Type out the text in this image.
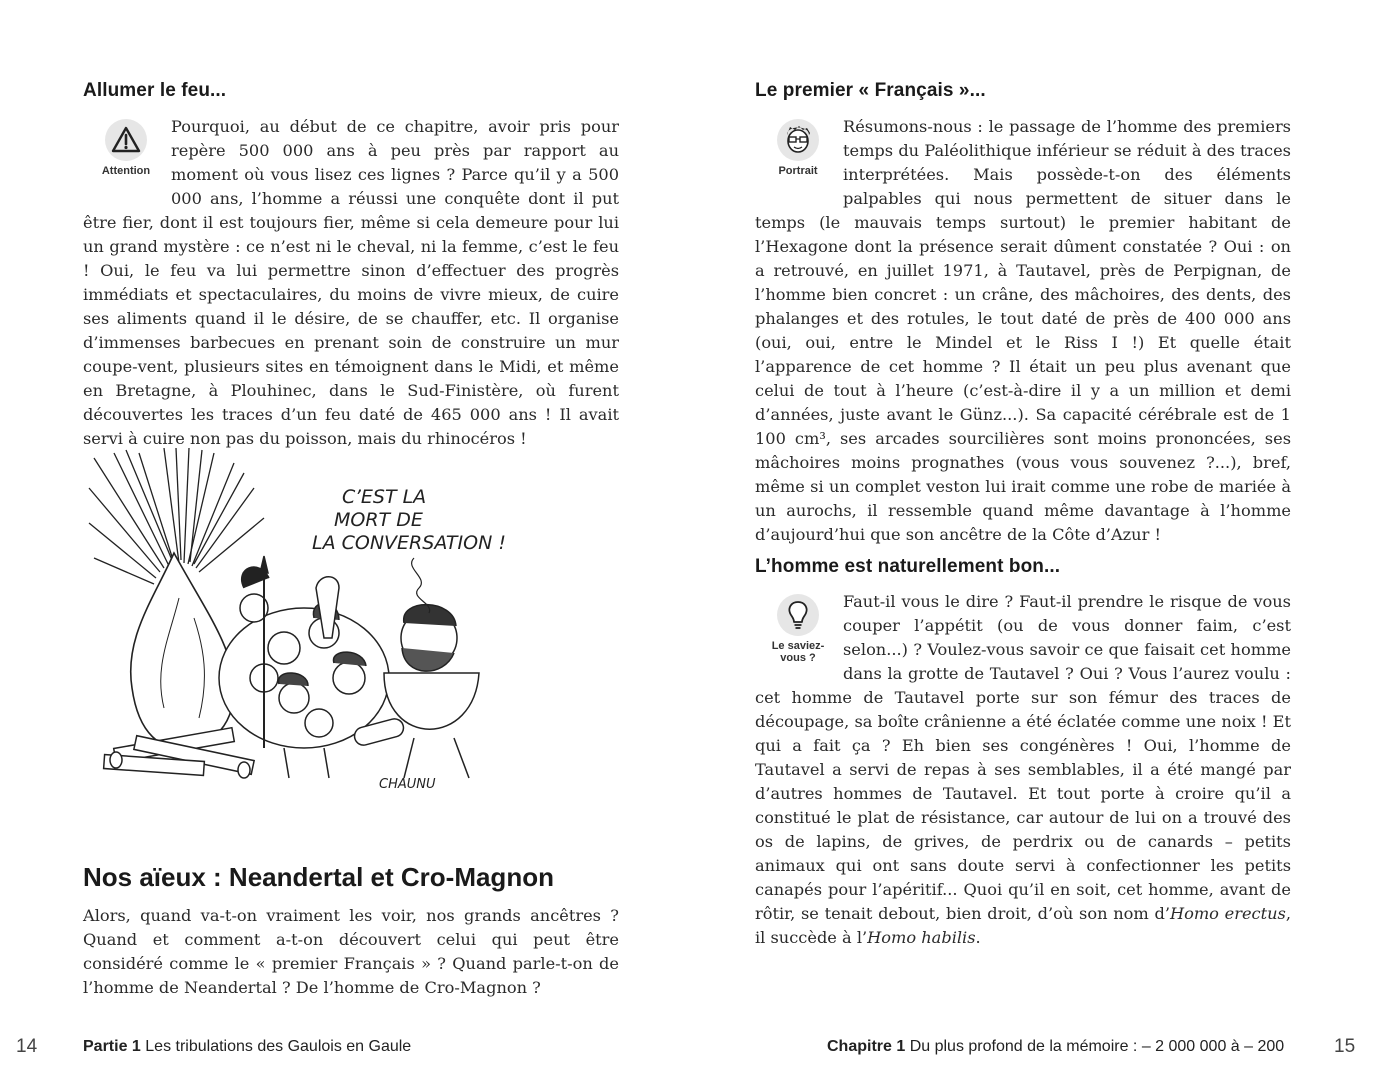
Allumer le feu...
Attention
Pourquoi, au début de ce chapitre, avoir pris pour repère 500 000 ans à peu près par rapport au moment où vous lisez ces lignes ? Parce qu’il y a 500 000 ans, l’homme a réussi une conquête dont il put être fier, dont il est toujours fier, même si cela demeure pour lui un grand mystère : ce n’est ni le cheval, ni la femme, c’est le feu ! Oui, le feu va lui permettre sinon d’effectuer des progrès immédiats et spectaculaires, du moins de vivre mieux, de cuire ses aliments quand il le désire, de se chauffer, etc. Il organise d’immenses barbecues en prenant soin de construire un mur coupe-vent, plusieurs sites en témoignent dans le Midi, et même en Bretagne, à Plouhinec, dans le Sud-Finistère, où furent découvertes les traces d’un feu daté de 465 000 ans ! Il avait servi à cuire non pas du poisson, mais du rhinocéros !
C’EST LA
MORT DE
LA CONVERSATION !
CHAUNU
Nos aïeux : Neandertal et Cro-Magnon
Alors, quand va-t-on vraiment les voir, nos grands ancêtres ? Quand et comment a-t-on découvert celui qui peut être considéré comme le « premier Français » ? Quand parle-t-on de l’homme de Neandertal ? De l’homme de Cro-Magnon ?
14	Partie 1 Les tribulations des Gaulois en Gaule
Le premier « Français »...
Portrait
Résumons-nous : le passage de l’homme des premiers temps du Paléolithique inférieur se réduit à des traces interprétées. Mais possède-t-on des éléments palpables qui nous permettent de situer dans le temps (le mauvais temps surtout) le premier habitant de l’Hexagone dont la présence serait dûment constatée ? Oui : on a retrouvé, en juillet 1971, à Tautavel, près de Perpignan, de l’homme bien concret : un crâne, des mâchoires, des dents, des phalanges et des rotules, le tout daté de près de 400 000 ans (oui, oui, entre le Mindel et le Riss I !) Et quelle était l’apparence de cet homme ? Il était un peu plus avenant que celui de tout à l’heure (c’est-à-dire il y a un million et demi d’années, juste avant le Günz...). Sa capacité cérébrale est de 1 100 cm³, ses arcades sourcilières sont moins prononcées, ses mâchoires moins prognathes (vous vous souvenez ?...), bref, même si un complet veston lui irait comme une robe de mariée à un aurochs, il ressemble quand même davantage à l’homme d’aujourd’hui que son ancêtre de la Côte d’Azur !
L’homme est naturellement bon...
Le saviez-
vous ?
Faut-il vous le dire ? Faut-il prendre le risque de vous couper l’appétit (ou de vous donner faim, c’est selon...) ? Voulez-vous savoir ce que faisait cet homme dans la grotte de Tautavel ? Oui ? Vous l’aurez voulu : cet homme de Tautavel porte sur son fémur des traces de découpage, sa boîte crânienne a été éclatée comme une noix ! Et qui a fait ça ? Eh bien ses congénères ! Oui, l’homme de Tautavel a servi de repas à ses semblables, il a été mangé par d’autres hommes de Tautavel. Et tout porte à croire qu’il a constitué le plat de résistance, car autour de lui on a trouvé des os de lapins, de grives, de perdrix ou de canards – petits animaux qui ont sans doute servi à confectionner les petits canapés pour l’apéritif... Quoi qu’il en soit, cet homme, avant de rôtir, se tenait debout, bien droit, d’où son nom d’Homo erectus, il succède à l’Homo habilis.
Chapitre 1 Du plus profond de la mémoire : – 2 000 000 à – 200	15
